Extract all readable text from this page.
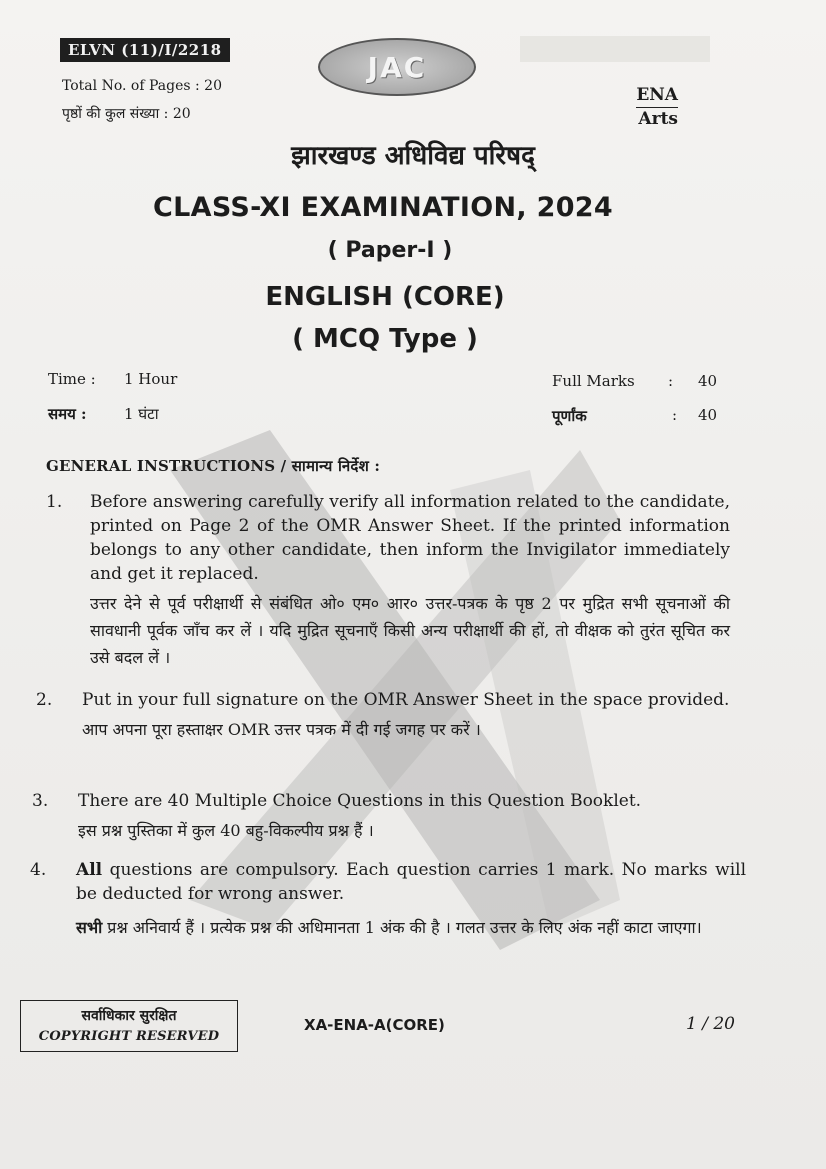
ELVN (11)/I/2218
Total No. of Pages : 20
पृष्ठों की कुल संख्या : 20
JAC
ENA
Arts
झारखण्ड अधिविद्य परिषद्
CLASS-XI EXAMINATION, 2024
( Paper-I )
ENGLISH (CORE)
( MCQ Type )
Time : 1 Hour
समय : 1 घंटा
Full Marks : 40
पूर्णांक	: 40
GENERAL INSTRUCTIONS / सामान्य निर्देश :
1. Before answering carefully verify all information related to the candidate, printed on Page 2 of the OMR Answer Sheet. If the printed information belongs to any other candidate, then inform the Invigilator immediately and get it replaced.
उत्तर देने से पूर्व परीक्षार्थी से संबंधित ओ० एम० आर० उत्तर-पत्रक के पृष्ठ 2 पर मुद्रित सभी सूचनाओं की सावधानी पूर्वक जाँच कर लें । यदि मुद्रित सूचनाएँ किसी अन्य परीक्षार्थी की हों, तो वीक्षक को तुरंत सूचित कर उसे बदल लें ।
2. Put in your full signature on the OMR Answer Sheet in the space provided.
आप अपना पूरा हस्ताक्षर OMR उत्तर पत्रक में दी गई जगह पर करें ।
3. There are 40 Multiple Choice Questions in this Question Booklet.
इस प्रश्न पुस्तिका में कुल 40 बहु-विकल्पीय प्रश्न हैं ।
4. All questions are compulsory. Each question carries 1 mark. No marks will be deducted for wrong answer.
सभी प्रश्न अनिवार्य हैं । प्रत्येक प्रश्न की अधिमानता 1 अंक की है । गलत उत्तर के लिए अंक नहीं काटा जाएगा।
सर्वाधिकार सुरक्षित
COPYRIGHT RESERVED
XA-ENA-A(CORE)	1 / 20
